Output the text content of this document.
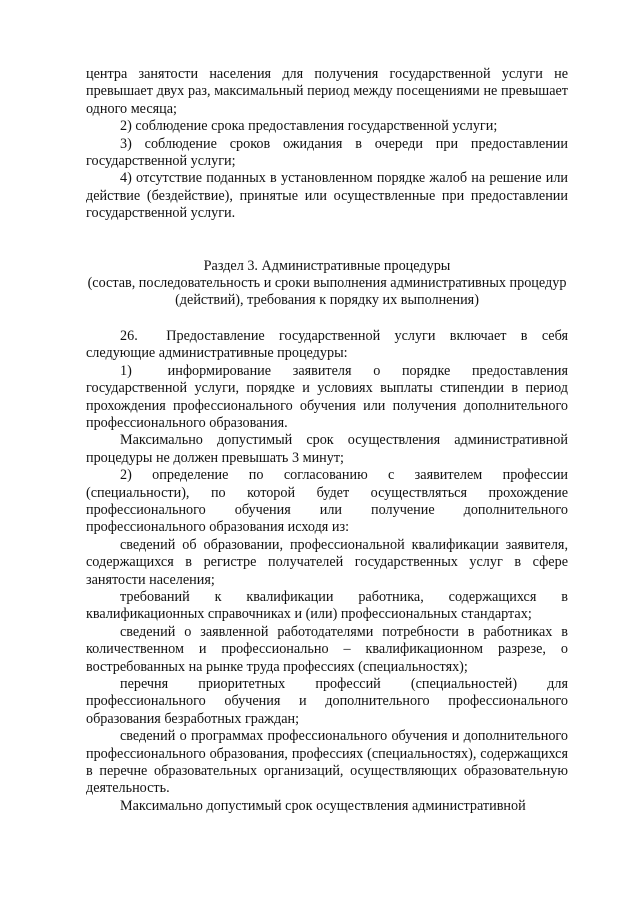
центра занятости населения для получения государственной услуги не превышает двух раз, максимальный период между посещениями не превышает одного месяца;

2) соблюдение срока предоставления государственной услуги;

3) соблюдение сроков ожидания в очереди при предоставлении государственной услуги;

4) отсутствие поданных в установленном порядке жалоб на решение или действие (бездействие), принятые или осуществленные при предоставлении государственной услуги.

Раздел 3. Административные процедуры

(состав, последовательность и сроки выполнения административных процедур (действий), требования к порядку их выполнения)

26.  Предоставление государственной услуги включает в себя следующие административные процедуры:

1)  информирование заявителя о порядке предоставления государственной услуги, порядке и условиях выплаты стипендии в период прохождения профессионального обучения или получения дополнительного профессионального образования.

Максимально допустимый срок осуществления административной процедуры не должен превышать 3 минут;

2) определение по согласованию с заявителем профессии (специальности), по которой будет осуществляться прохождение профессионального обучения или получение дополнительного профессионального образования исходя из:

сведений об образовании, профессиональной квалификации заявителя, содержащихся в регистре получателей государственных услуг в сфере занятости населения;

требований к квалификации работника, содержащихся в квалификационных справочниках и (или) профессиональных стандартах;

сведений о заявленной работодателями потребности в работниках в количественном и профессионально – квалификационном разрезе, о востребованных на рынке труда профессиях (специальностях);

перечня приоритетных профессий (специальностей) для профессионального обучения и дополнительного профессионального образования безработных граждан;

сведений о программах профессионального обучения и дополнительного профессионального образования, профессиях (специальностях), содержащихся в перечне образовательных организаций, осуществляющих образовательную деятельность.

Максимально допустимый срок осуществления административной
